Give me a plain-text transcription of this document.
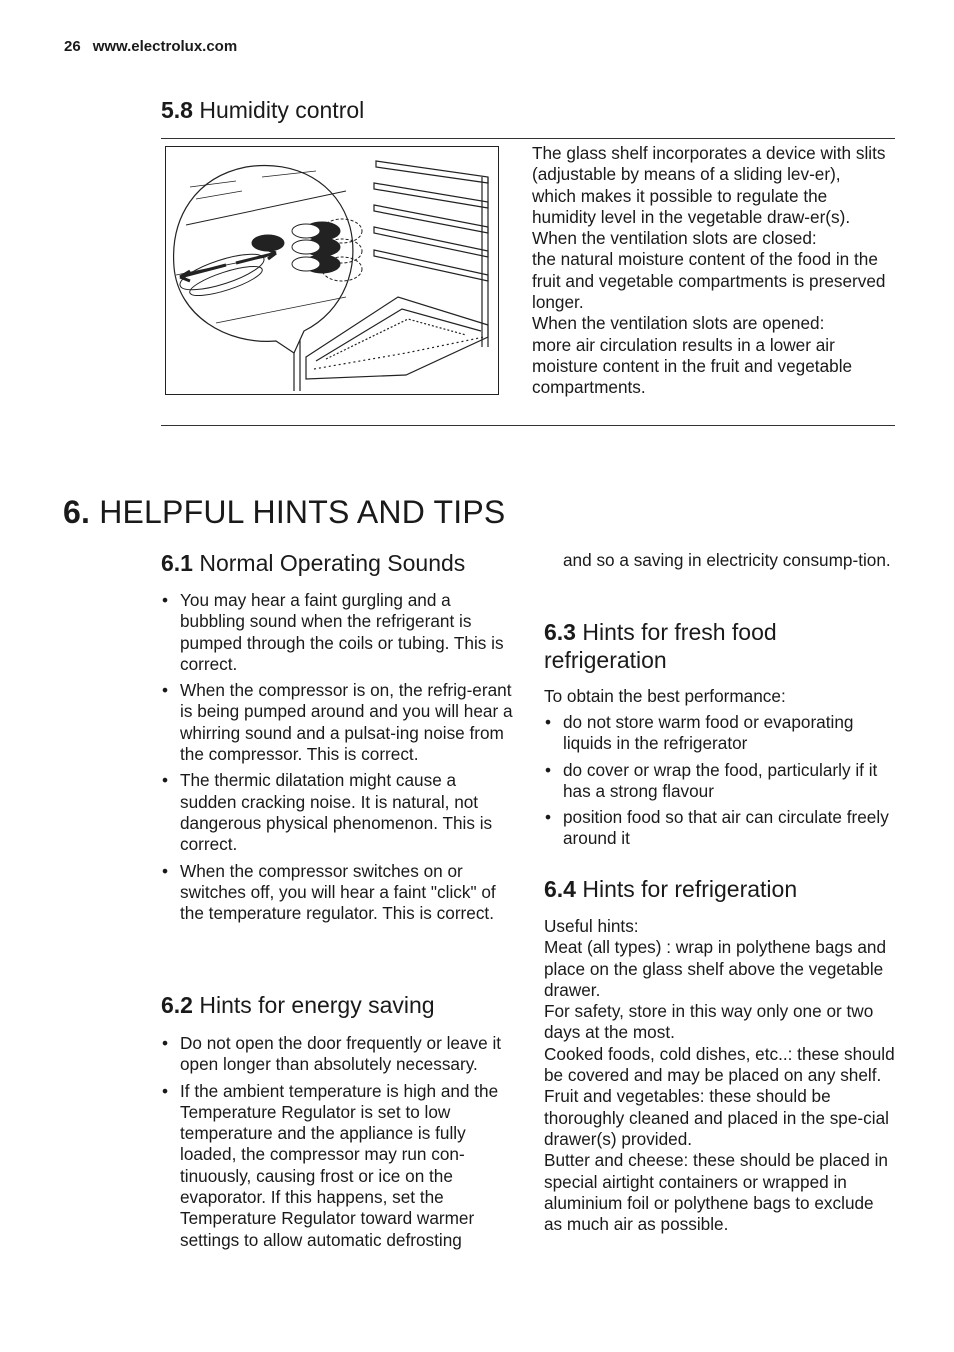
26 www.electrolux.com
5.8 Humidity control

The glass shelf incorporates a device with slits (adjustable by means of a sliding lev-er), which makes it possible to regulate the humidity level in the vegetable draw-er(s).

When the ventilation slots are closed:

the natural moisture content of the food in the fruit and vegetable compartments is preserved longer.

When the ventilation slots are opened:

more air circulation results in a lower air moisture content in the fruit and vegetable compartments.

6. HELPFUL HINTS AND TIPS
6.1 Normal Operating Sounds
• You may hear a faint gurgling and a bubbling sound when the refrigerant is pumped through the coils or tubing. This is correct.
• When the compressor is on, the refrig-erant is being pumped around and you will hear a whirring sound and a pulsat-ing noise from the compressor. This is correct.
• The thermic dilatation might cause a sudden cracking noise. It is natural, not dangerous physical phenomenon. This is correct.
• When the compressor switches on or switches off, you will hear a faint "click" of the temperature regulator. This is correct.
6.2 Hints for energy saving
• Do not open the door frequently or leave it open longer than absolutely necessary.
• If the ambient temperature is high and the Temperature Regulator is set to low temperature and the appliance is fully loaded, the compressor may run con-tinuously, causing frost or ice on the evaporator. If this happens, set the Temperature Regulator toward warmer settings to allow automatic defrosting
and so a saving in electricity consump-tion.
6.3 Hints for fresh food refrigeration
To obtain the best performance:
• do not store warm food or evaporating liquids in the refrigerator
• do cover or wrap the food, particularly if it has a strong flavour
• position food so that air can circulate freely around it
6.4 Hints for refrigeration

Useful hints:

Meat (all types) : wrap in polythene bags and place on the glass shelf above the vegetable drawer.

For safety, store in this way only one or two days at the most.

Cooked foods, cold dishes, etc..: these should be covered and may be placed on any shelf.

Fruit and vegetables: these should be thoroughly cleaned and placed in the spe-cial drawer(s) provided.

Butter and cheese: these should be placed in special airtight containers or wrapped in aluminium foil or polythene bags to exclude as much air as possible.
